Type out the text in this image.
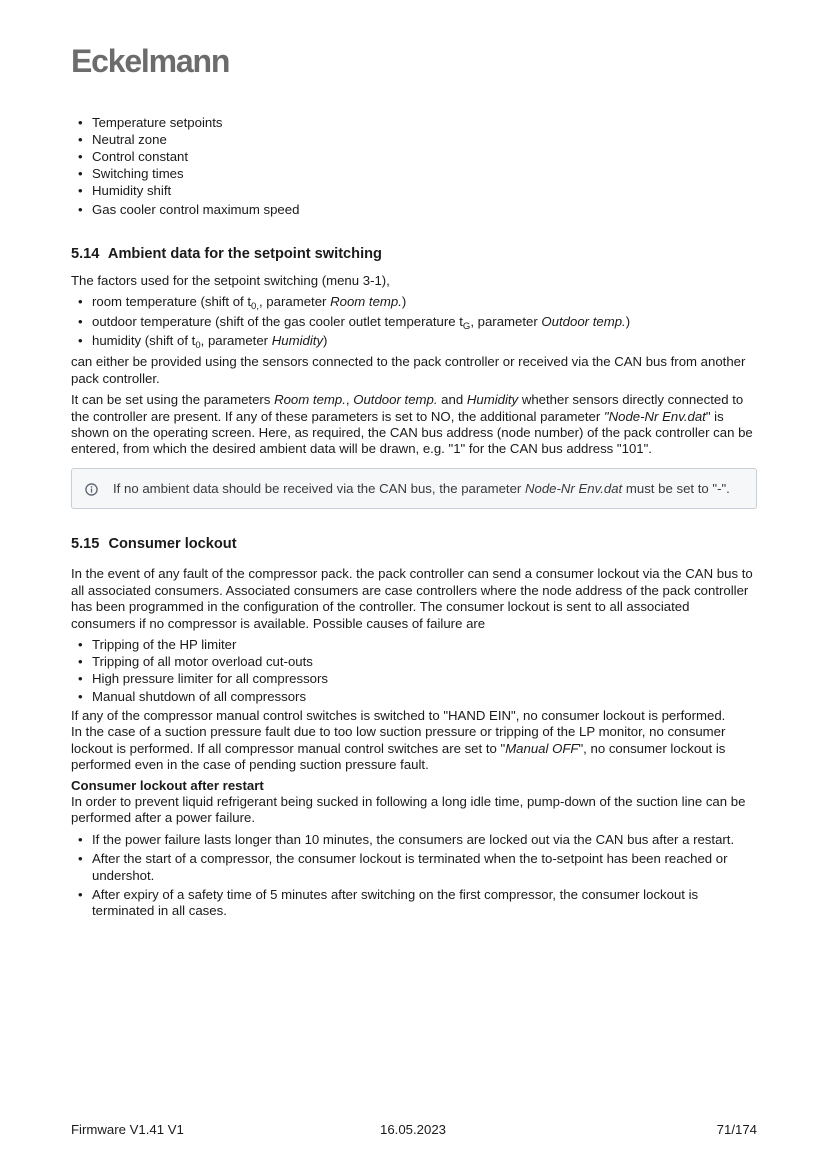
Eckelmann
• Temperature setpoints
• Neutral zone
• Control constant
• Switching times
• Humidity shift
• Gas cooler control maximum speed
5.14 Ambient data for the setpoint switching

The factors used for the setpoint switching (menu 3-1),

• room temperature (shift of $t_{0,}$, parameter Room temp.)
• outdoor temperature (shift of the gas cooler outlet temperature $t_G$, parameter Outdoor temp.)
• humidity (shift of $t_0$, parameter Humidity)

can either be provided using the sensors connected to the pack controller or received via the CAN bus from another pack controller.

It can be set using the parameters Room temp., Outdoor temp. and Humidity whether sensors directly connected to the controller are present. If any of these parameters is set to NO, the additional parameter "Node-Nr Env.dat" is shown on the operating screen. Here, as required, the CAN bus address (node number) of the pack controller can be entered, from which the desired ambient data will be drawn, e.g. "1" for the CAN bus address "101".

If no ambient data should be received via the CAN bus, the parameter Node-Nr Env.dat must be set to "-".
5.15 Consumer lockout

In the event of any fault of the compressor pack. the pack controller can send a consumer lockout via the CAN bus to all associated consumers. Associated consumers are case controllers where the node address of the pack controller has been programmed in the configuration of the controller. The consumer lockout is sent to all associated consumers if no compressor is available. Possible causes of failure are

• Tripping of the HP limiter
• Tripping of all motor overload cut-outs
• High pressure limiter for all compressors
• Manual shutdown of all compressors

If any of the compressor manual control switches is switched to "HAND EIN", no consumer lockout is performed.

In the case of a suction pressure fault due to too low suction pressure or tripping of the LP monitor, no consumer lockout is performed. If all compressor manual control switches are set to "Manual OFF", no consumer lockout is performed even in the case of pending suction pressure fault.

Consumer lockout after restart

In order to prevent liquid refrigerant being sucked in following a long idle time, pump-down of the suction line can be performed after a power failure.

• If the power failure lasts longer than 10 minutes, the consumers are locked out via the CAN bus after a restart.
• After the start of a compressor, the consumer lockout is terminated when the to-setpoint has been reached or undershot.
• After expiry of a safety time of 5 minutes after switching on the first compressor, the consumer lockout is terminated in all cases.
Firmware V1.41 V1	16.05.2023	71/174
